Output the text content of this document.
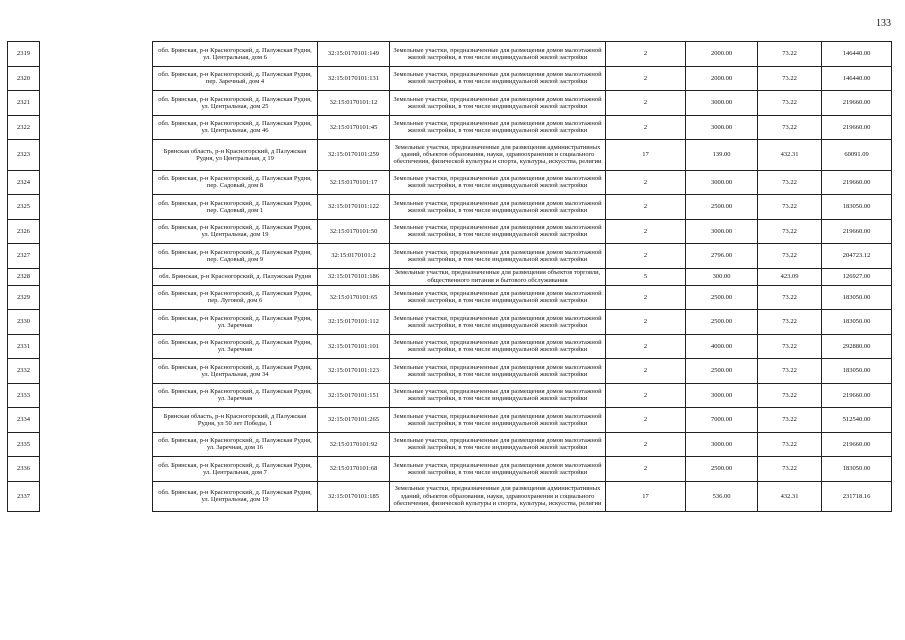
133
2319		обл. Брянская, р-н Красногорский, д. Палужская Рудня, ул. Центральная, дом 6	32:15:0170101:149	Земельные участки, предназначенные для размещения домов малоэтажной жилой застройки, в том числе индивидуальной жилой застройки	2	2000.00	73.22	146440.00
2320		обл. Брянская, р-н Красногорский, д. Палужская Рудня, пер. Заречный, дом 4	32:15:0170101:131	Земельные участки, предназначенные для размещения домов малоэтажной жилой застройки, в том числе индивидуальной жилой застройки	2	2000.00	73.22	146440.00
2321		обл. Брянская, р-н Красногорский, д. Палужская Рудня, ул. Центральная, дом 25	32:15:0170101:12	Земельные участки, предназначенные для размещения домов малоэтажной жилой застройки, в том числе индивидуальной жилой застройки	2	3000.00	73.22	219660.00
2322		обл. Брянская, р-н Красногорский, д. Палужская Рудня, ул. Центральная, дом 46	32:15:0170101:45	Земельные участки, предназначенные для размещения домов малоэтажной жилой застройки, в том числе индивидуальной жилой застройки	2	3000.00	73.22	219660.00
2323		Брянская область, р-н Красногорский, д Палужская Рудня, ул Центральная, д 19	32:15:0170101:259	Земельные участки, предназначенные для размещения административных зданий, объектов образования, науки, здравоохранения и социального обеспечения, физической культуры и спорта, культуры, искусства, религии	17	139.00	432.31	60091.09
2324		обл. Брянская, р-н Красногорский, д. Палужская Рудня, пер. Садовый, дом 8	32:15:0170101:17	Земельные участки, предназначенные для размещения домов малоэтажной жилой застройки, в том числе индивидуальной жилой застройки	2	3000.00	73.22	219660.00
2325		обл. Брянская, р-н Красногорский, д. Палужская Рудня, пер. Садовый, дом 1	32:15:0170101:122	Земельные участки, предназначенные для размещения домов малоэтажной жилой застройки, в том числе индивидуальной жилой застройки	2	2500.00	73.22	183050.00
2326		обл. Брянская, р-н Красногорский, д. Палужская Рудня, ул. Центральная, дом 19	32:15:0170101:50	Земельные участки, предназначенные для размещения домов малоэтажной жилой застройки, в том числе индивидуальной жилой застройки	2	3000.00	73.22	219660.00
2327		обл. Брянская, р-н Красногорский, д. Палужская Рудня, пер. Садовый, дом 9	32:15:0170101:2	Земельные участки, предназначенные для размещения домов малоэтажной жилой застройки, в том числе индивидуальной жилой застройки	2	2796.00	73.22	204723.12
2328		обл. Брянская, р-н Красногорский, д. Палужская Рудня	32:15:0170101:186	Земельные участки, предназначенные для размещения объектов торговли, общественного питания и бытового обслуживания	5	300.00	423.09	126927.00
2329		обл. Брянская, р-н Красногорский, д. Палужская Рудня, пер. Луговой, дом 6	32:15:0170101:65	Земельные участки, предназначенные для размещения домов малоэтажной жилой застройки, в том числе индивидуальной жилой застройки	2	2500.00	73.22	183050.00
2330		обл. Брянская, р-н Красногорский, д. Палужская Рудня, ул. Заречная	32:15:0170101:112	Земельные участки, предназначенные для размещения домов малоэтажной жилой застройки, в том числе индивидуальной жилой застройки	2	2500.00	73.22	183050.00
2331		обл. Брянская, р-н Красногорский, д. Палужская Рудня, ул. Заречная	32:15:0170101:101	Земельные участки, предназначенные для размещения домов малоэтажной жилой застройки, в том числе индивидуальной жилой застройки	2	4000.00	73.22	292880.00
2332		обл. Брянская, р-н Красногорский, д. Палужская Рудня, ул. Центральная, дом 34	32:15:0170101:123	Земельные участки, предназначенные для размещения домов малоэтажной жилой застройки, в том числе индивидуальной жилой застройки	2	2500.00	73.22	183050.00
2333		обл. Брянская, р-н Красногорский, д. Палужская Рудня, ул. Заречная	32:15:0170101:151	Земельные участки, предназначенные для размещения домов малоэтажной жилой застройки, в том числе индивидуальной жилой застройки	2	3000.00	73.22	219660.00
2334		Брянская область, р-н Красногорский, д Палужская Рудня, ул 50 лет Победы, 1	32:15:0170101:265	Земельные участки, предназначенные для размещения домов малоэтажной жилой застройки, в том числе индивидуальной жилой застройки	2	7000.00	73.22	512540.00
2335		обл. Брянская, р-н Красногорский, д. Палужская Рудня, ул. Заречная, дом 16	32:15:0170101:92	Земельные участки, предназначенные для размещения домов малоэтажной жилой застройки, в том числе индивидуальной жилой застройки	2	3000.00	73.22	219660.00
2336		обл. Брянская, р-н Красногорский, д. Палужская Рудня, ул. Центральная, дом 7	32:15:0170101:68	Земельные участки, предназначенные для размещения домов малоэтажной жилой застройки, в том числе индивидуальной жилой застройки	2	2500.00	73.22	183050.00
2337		обл. Брянская, р-н Красногорский, д. Палужская Рудня, ул. Центральная, дом 19	32:15:0170101:185	Земельные участки, предназначенные для размещения административных зданий, объектов образования, науки, здравоохранения и социального обеспечения, физической культуры и спорта, культуры, искусства, религии	17	536.00	432.31	231718.16
